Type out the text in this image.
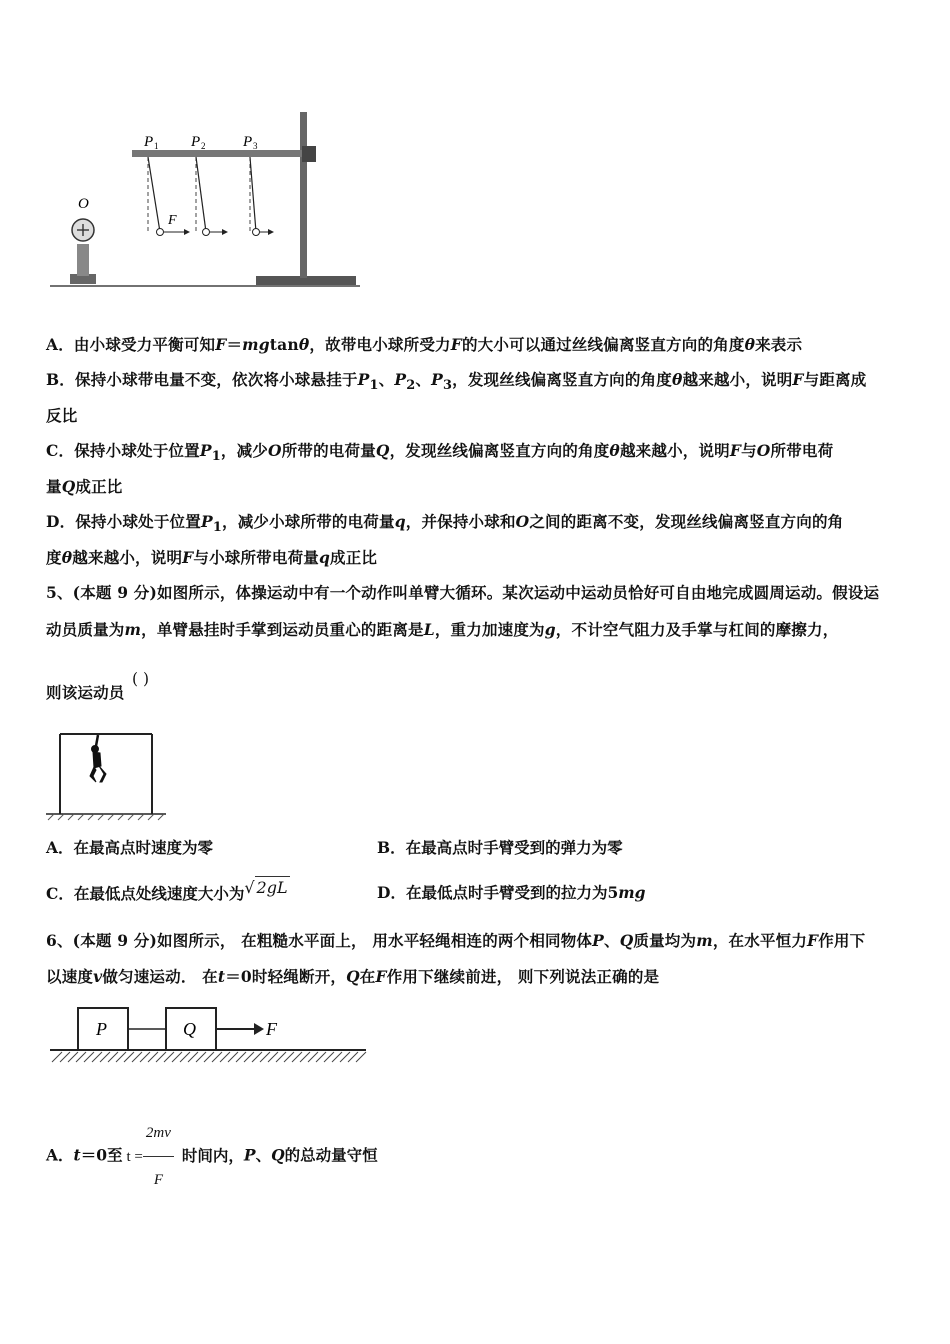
P 1 P 2	P 3
O
F
A．由小球受力平衡可知F＝mgtanθ，故带电小球所受力F的大小可以通过丝线偏离竖直方向的角度θ来表示
B．保持小球带电量不变，依次将小球悬挂于$P_1$、$P_2$、$P_3$，发现丝线偏离竖直方向的角度θ越来越小，说明F与距离成
反比
C．保持小球处于位置$P_1$，减少O所带的电荷量Q，发现丝线偏离竖直方向的角度θ越来越小，说明F与O所带电荷
量Q成正比
D．保持小球处于位置$P_1$，减少小球所带的电荷量q，并保持小球和O之间的距离不变，发现丝线偏离竖直方向的角
度θ越来越小，说明F与小球所带电荷量q成正比
5、(本题 9 分)如图所示，体操运动中有一个动作叫单臂大循环。某次运动中运动员恰好可自由地完成圆周运动。假设运
动员质量为m，单臂悬挂时手掌到运动员重心的距离是L，重力加速度为g，不计空气阻力及手掌与杠间的摩擦力，
则该运动员
( )
A．在最高点时速度为零	B．在最高点时手臂受到的弹力为零
C．在最低点处线速度大小为√ 2gL	D．在最低点时手臂受到的拉力为5mg
6、(本题 9 分)如图所示， 在粗糙水平面上， 用水平轻绳相连的两个相同物体P、Q质量均为m，在水平恒力F作用下
以速度v做匀速运动． 在t＝0时轻绳断开，Q在F作用下继续前进， 则下列说法正确的是
P	Q	F
A．t＝0至 $t = \frac{2mv}{F}$ 时间内，P、Q的总动量守恒
